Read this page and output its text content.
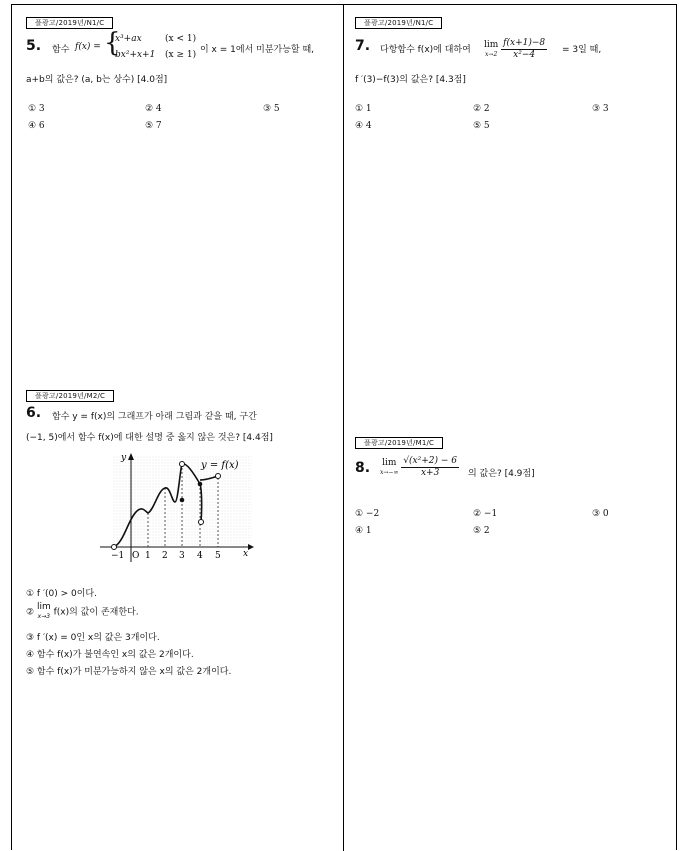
플광고/2019년/N1/C
5. 함수 f(x) = {
x³+ax	(x < 1)
bx²+x+1 (x ≥ 1) 이 x = 1에서 미분가능할 때,
a+b의 값은? (a, b는 상수) [4.0점]
① 3	② 4	③ 5
④ 6	⑤ 7
플광고/2019년/N1/C
7. 다항함수 f(x)에 대하여
lim
x→2
$\frac{f(x+1)-8}{\text{x²−4}} = 3$일 때,
f ′(3)−f(3)의 값은? [4.3점]
① 1	② 2	③ 3
④ 4	⑤ 5
플광고/2019년/M2/C
6. 함수 y = f(x)의 그래프가 아래 그림과 같을 때, 구간
(−1, 5)에서 함수 f(x)에 대한 설명 중 옳지 않은 것은? [4.4점]
y
x
y = f(x)
−1 O 1 2 3 4 5
① f ′(0) > 0이다.
② lim
x→3 f(x)의 값이 존재한다.
③ f ′(x) = 0인 x의 값은 3개이다.
④ 함수 f(x)가 불연속인 x의 값은 2개이다.
⑤ 함수 f(x)가 미분가능하지 않은 x의 값은 2개이다.
플광고/2019년/M1/C
8. lim
x→−∞
$\frac{\text{√(x²+2) − 6}}{x+3}$ 의 값은? [4.9점]
① −2	② −1	③ 0
④ 1	⑤ 2
